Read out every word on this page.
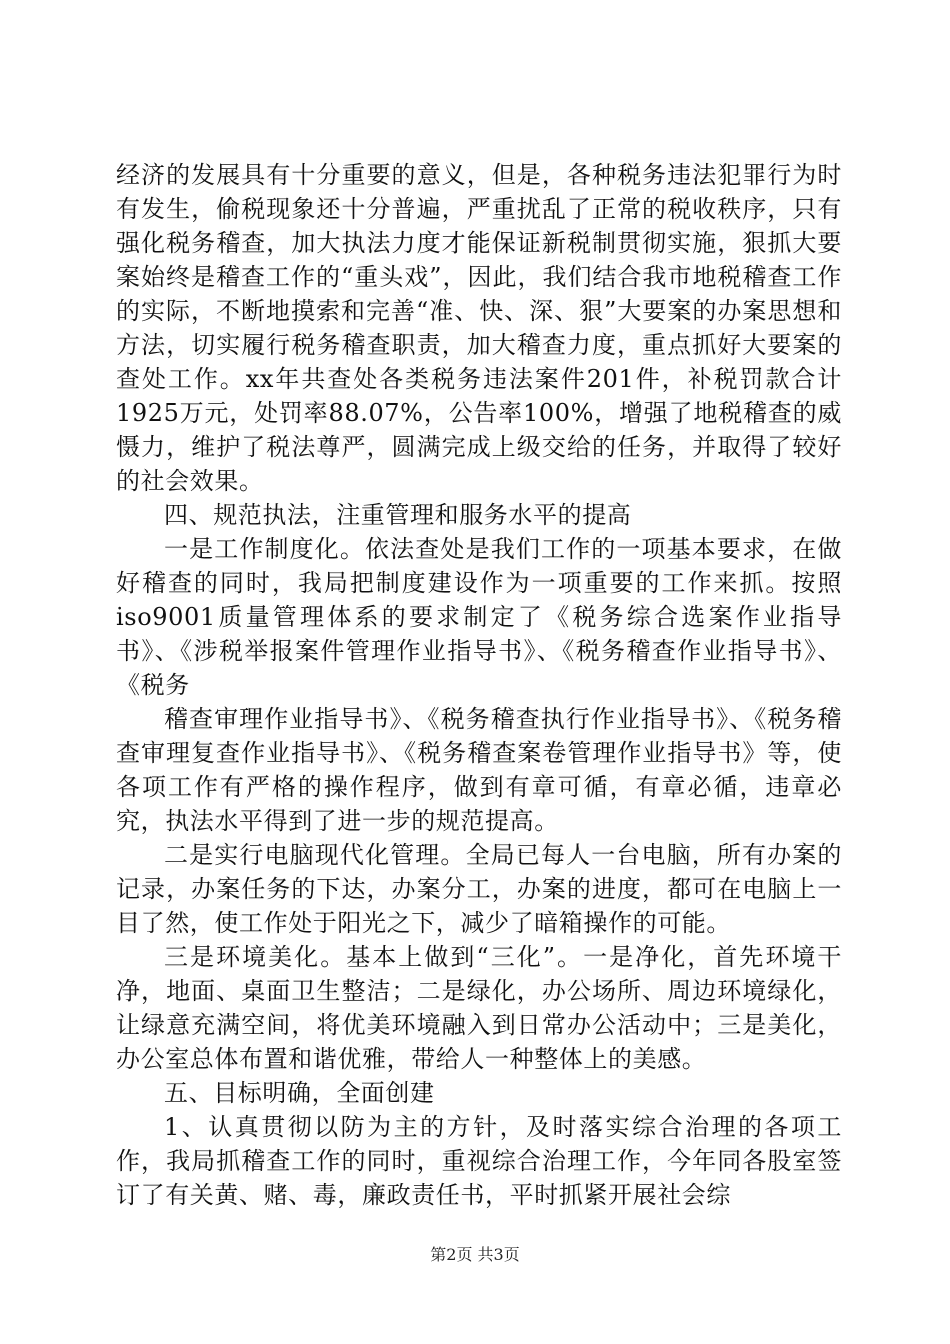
经济的发展具有十分重要的意义，但是，各种税务违法犯罪行为时有发生，偷税现象还十分普遍，严重扰乱了正常的税收秩序，只有强化税务稽查，加大执法力度才能保证新税制贯彻实施，狠抓大要案始终是稽查工作的“重头戏”，因此，我们结合我市地税稽查工作的实际，不断地摸索和完善“准、快、深、狠”大要案的办案思想和方法，切实履行税务稽查职责，加大稽查力度，重点抓好大要案的查处工作。xx年共查处各类税务违法案件201件，补税罚款合计1925万元，处罚率88.07%，公告率100%，增强了地税稽查的威慑力，维护了税法尊严，圆满完成上级交给的任务，并取得了较好的社会效果。

四、规范执法，注重管理和服务水平的提高

一是工作制度化。依法查处是我们工作的一项基本要求，在做好稽查的同时，我局把制度建设作为一项重要的工作来抓。按照iso9001质量管理体系的要求制定了《税务综合选案作业指导书》、《涉税举报案件管理作业指导书》、《税务稽查作业指导书》、《税务

稽查审理作业指导书》、《税务稽查执行作业指导书》、《税务稽查审理复查作业指导书》、《税务稽查案卷管理作业指导书》等，使各项工作有严格的操作程序，做到有章可循，有章必循，违章必究，执法水平得到了进一步的规范提高。

二是实行电脑现代化管理。全局已每人一台电脑，所有办案的记录，办案任务的下达，办案分工，办案的进度，都可在电脑上一目了然，使工作处于阳光之下，减少了暗箱操作的可能。

三是环境美化。基本上做到“三化”。一是净化，首先环境干净，地面、桌面卫生整洁；二是绿化，办公场所、周边环境绿化，让绿意充满空间，将优美环境融入到日常办公活动中；三是美化，办公室总体布置和谐优雅，带给人一种整体上的美感。

五、目标明确，全面创建

1、认真贯彻以防为主的方针，及时落实综合治理的各项工作，我局抓稽查工作的同时，重视综合治理工作，今年同各股室签订了有关黄、赌、毒，廉政责任书，平时抓紧开展社会综

第2页 共3页
